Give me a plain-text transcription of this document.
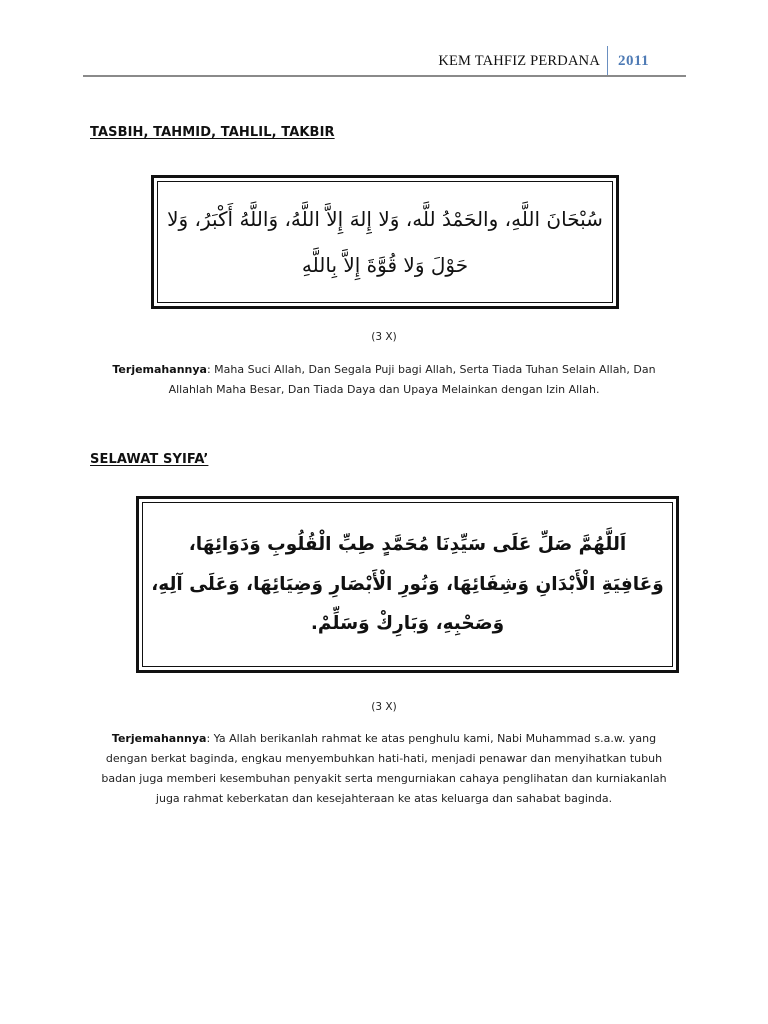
KEM TAHFIZ PERDANA 2011
TASBIH, TAHMID, TAHLIL, TAKBIR
سُبْحَانَ اللَّهِ، والحَمْدُ للَّه، وَلا إِلهَ إِلاَّ اللَّهُ، وَاللَّهُ أَكْبَرُ، وَلا
حَوْلَ وَلا قُوَّةَ إِلاَّ بِاللَّهِ
(3 X)
Terjemahannya: Maha Suci Allah, Dan Segala Puji bagi Allah, Serta Tiada Tuhan Selain Allah, Dan Allahlah Maha Besar, Dan Tiada Daya dan Upaya Melainkan dengan Izin Allah.
SELAWAT SYIFA’
اَللَّهُمَّ صَلِّ عَلَى سَيِّدِنَا مُحَمَّدٍ طِبِّ الْقُلُوبِ وَدَوَائِهَا،
وَعَافِيَةِ الْأَبْدَانِ وَشِفَائِهَا، وَنُورِ الْأَبْصَارِ وَضِيَائِهَا، وَعَلَى آلِهِ،
وَصَحْبِهِ، وَبَارِكْ وَسَلِّمْ.
(3 X)
Terjemahannya: Ya Allah berikanlah rahmat ke atas penghulu kami, Nabi Muhammad s.a.w. yang dengan berkat baginda, engkau menyembuhkan hati-hati, menjadi penawar dan menyihatkan tubuh badan juga memberi kesembuhan penyakit serta mengurniakan cahaya penglihatan dan kurniakanlah juga rahmat keberkatan dan kesejahteraan ke atas keluarga dan sahabat baginda.
